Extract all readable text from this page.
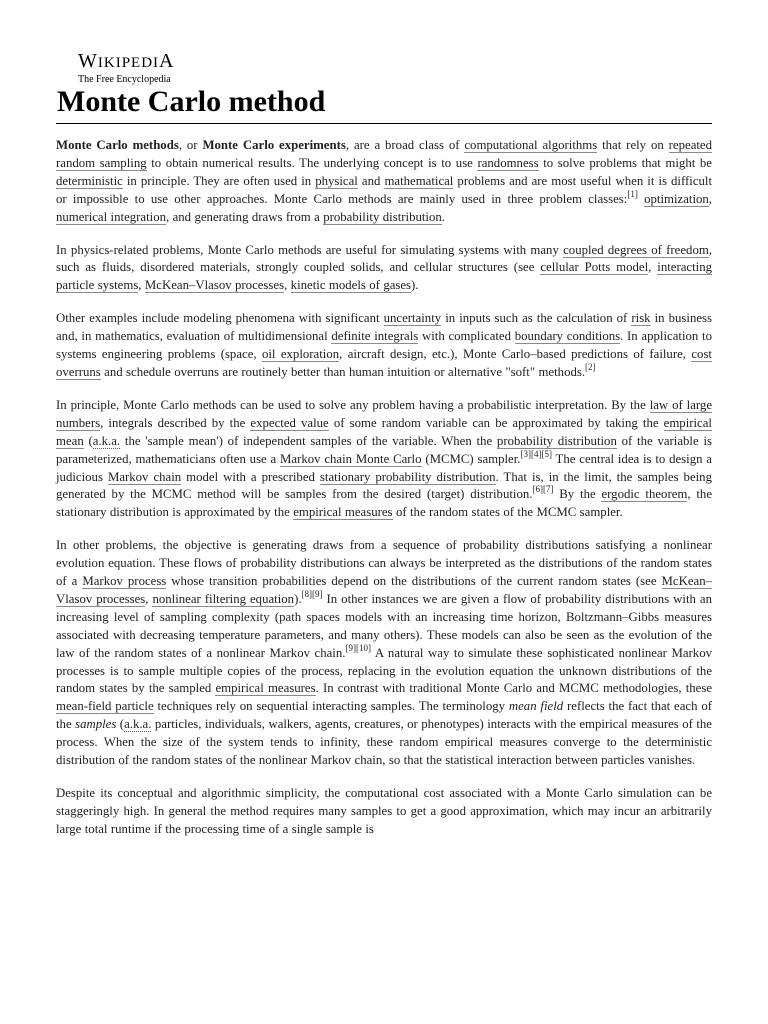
WIKIPEDIA
The Free Encyclopedia
Monte Carlo method

Monte Carlo methods, or Monte Carlo experiments, are a broad class of computational algorithms that rely on repeated random sampling to obtain numerical results. The underlying concept is to use randomness to solve problems that might be deterministic in principle. They are often used in physical and mathematical problems and are most useful when it is difficult or impossible to use other approaches. Monte Carlo methods are mainly used in three problem classes:[1] optimization, numerical integration, and generating draws from a probability distribution.

In physics-related problems, Monte Carlo methods are useful for simulating systems with many coupled degrees of freedom, such as fluids, disordered materials, strongly coupled solids, and cellular structures (see cellular Potts model, interacting particle systems, McKean–Vlasov processes, kinetic models of gases).

Other examples include modeling phenomena with significant uncertainty in inputs such as the calculation of risk in business and, in mathematics, evaluation of multidimensional definite integrals with complicated boundary conditions. In application to systems engineering problems (space, oil exploration, aircraft design, etc.), Monte Carlo–based predictions of failure, cost overruns and schedule overruns are routinely better than human intuition or alternative "soft" methods.[2]

In principle, Monte Carlo methods can be used to solve any problem having a probabilistic interpretation. By the law of large numbers, integrals described by the expected value of some random variable can be approximated by taking the empirical mean (a.k.a. the 'sample mean') of independent samples of the variable. When the probability distribution of the variable is parameterized, mathematicians often use a Markov chain Monte Carlo (MCMC) sampler.[3][4][5] The central idea is to design a judicious Markov chain model with a prescribed stationary probability distribution. That is, in the limit, the samples being generated by the MCMC method will be samples from the desired (target) distribution.[6][7] By the ergodic theorem, the stationary distribution is approximated by the empirical measures of the random states of the MCMC sampler.

In other problems, the objective is generating draws from a sequence of probability distributions satisfying a nonlinear evolution equation. These flows of probability distributions can always be interpreted as the distributions of the random states of a Markov process whose transition probabilities depend on the distributions of the current random states (see McKean–Vlasov processes, nonlinear filtering equation).[8][9] In other instances we are given a flow of probability distributions with an increasing level of sampling complexity (path spaces models with an increasing time horizon, Boltzmann–Gibbs measures associated with decreasing temperature parameters, and many others). These models can also be seen as the evolution of the law of the random states of a nonlinear Markov chain.[9][10] A natural way to simulate these sophisticated nonlinear Markov processes is to sample multiple copies of the process, replacing in the evolution equation the unknown distributions of the random states by the sampled empirical measures. In contrast with traditional Monte Carlo and MCMC methodologies, these mean-field particle techniques rely on sequential interacting samples. The terminology mean field reflects the fact that each of the samples (a.k.a. particles, individuals, walkers, agents, creatures, or phenotypes) interacts with the empirical measures of the process. When the size of the system tends to infinity, these random empirical measures converge to the deterministic distribution of the random states of the nonlinear Markov chain, so that the statistical interaction between particles vanishes.

Despite its conceptual and algorithmic simplicity, the computational cost associated with a Monte Carlo simulation can be staggeringly high. In general the method requires many samples to get a good approximation, which may incur an arbitrarily large total runtime if the processing time of a single sample is
